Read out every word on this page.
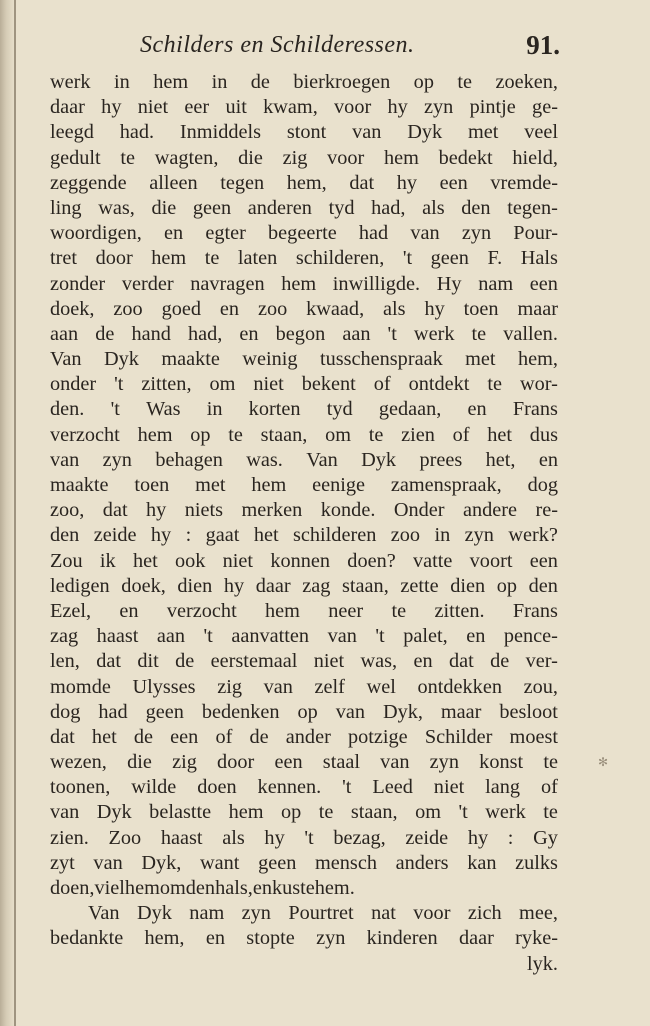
Schilders en Schilderessen.	91.
✻
werk in hem in de bierkroegen op te zoeken,
daar hy niet eer uit kwam, voor hy zyn pintje ge-
leegd had. Inmiddels stont van Dyk met veel
gedult te wagten, die zig voor hem bedekt hield,
zeggende alleen tegen hem, dat hy een vremde-
ling was, die geen anderen tyd had, als den tegen-
woordigen, en egter begeerte had van zyn Pour-
tret door hem te laten schilderen, 't geen F. Hals
zonder verder navragen hem inwilligde. Hy nam een
doek, zoo goed en zoo kwaad, als hy toen maar
aan de hand had, en begon aan 't werk te vallen.
Van Dyk maakte weinig tusschenspraak met hem,
onder 't zitten, om niet bekent of ontdekt te wor-
den. 't Was in korten tyd gedaan, en Frans
verzocht hem op te staan, om te zien of het dus
van zyn behagen was. Van Dyk prees het, en
maakte toen met hem eenige zamenspraak, dog
zoo, dat hy niets merken konde. Onder andere re-
den zeide hy : gaat het schilderen zoo in zyn werk?
Zou ik het ook niet konnen doen? vatte voort een
ledigen doek, dien hy daar zag staan, zette dien op den
Ezel, en verzocht hem neer te zitten. Frans
zag haast aan 't aanvatten van 't palet, en pence-
len, dat dit de eerstemaal niet was, en dat de ver-
momde Ulysses zig van zelf wel ontdekken zou,
dog had geen bedenken op van Dyk, maar besloot
dat het de een of de ander potzige Schilder moest
wezen, die zig door een staal van zyn konst te
toonen, wilde doen kennen. 't Leed niet lang of
van Dyk belastte hem op te staan, om 't werk te
zien. Zoo haast als hy 't bezag, zeide hy : Gy
zyt van Dyk, want geen mensch anders kan zulks
doen, viel hem om den hals, en kuste hem.
Van Dyk nam zyn Pourtret nat voor zich mee,
bedankte hem, en stopte zyn kinderen daar ryke-
lyk.
